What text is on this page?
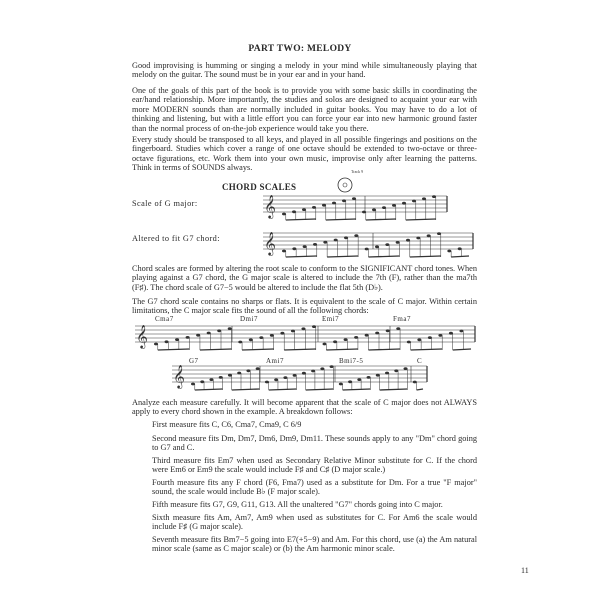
PART TWO: MELODY
Good improvising is humming or singing a melody in your mind while simultaneously playing that melody on the guitar. The sound must be in your ear and in your hand.
One of the goals of this part of the book is to provide you with some basic skills in coordinating the ear/hand relationship. More importantly, the studies and solos are designed to acquaint your ear with more MODERN sounds than are normally included in guitar books. You may have to do a lot of thinking and listening, but with a little effort you can force your ear into new harmonic ground faster than the normal process of on-the-job experience would take you there.
Every study should be transposed to all keys, and played in all possible fingerings and positions on the fingerboard. Studies which cover a range of one octave should be extended to two-octave or three-octave figurations, etc. Work them into your own music, improvise only after learning the patterns. Think in terms of SOUNDS always.
CHORD SCALES
Track 9
𝄞
𝄞
𝄞
𝄞
Scale of G major:
Altered to fit G7 chord:
Chord scales are formed by altering the root scale to conform to the SIGNIFICANT chord tones. When playing against a G7 chord, the G major scale is altered to include the 7th (F), rather than the ma7th (F♯). The chord scale of G7−5 would be altered to include the flat 5th (D♭).
The G7 chord scale contains no sharps or flats. It is equivalent to the scale of C major. Within certain limitations, the C major scale fits the sound of all the following chords:
Cma7	Dmi7	Emi7	Fma7
G7	Ami7	Bmi7-5	C
Analyze each measure carefully. It will become apparent that the scale of C major does not ALWAYS apply to every chord shown in the example. A breakdown follows:
First measure fits C, C6, Cma7, Cma9, C 6/9
Second measure fits Dm, Dm7, Dm6, Dm9, Dm11. These sounds apply to any "Dm" chord going to G7 and C.
Third measure fits Em7 when used as Secondary Relative Minor substitute for C. If the chord were Em6 or Em9 the scale would include F♯ and C♯ (D major scale.)
Fourth measure fits any F chord (F6, Fma7) used as a substitute for Dm. For a true "F major" sound, the scale would include B♭ (F major scale).
Fifth measure fits G7, G9, G11, G13. All the unaltered "G7" chords going into C major.
Sixth measure fits Am, Am7, Am9 when used as substitutes for C. For Am6 the scale would include F♯ (G major scale).
Seventh measure fits Bm7−5 going into E7(+5−9) and Am. For this chord, use (a) the Am natural minor scale (same as C major scale) or (b) the Am harmonic minor scale.
11
